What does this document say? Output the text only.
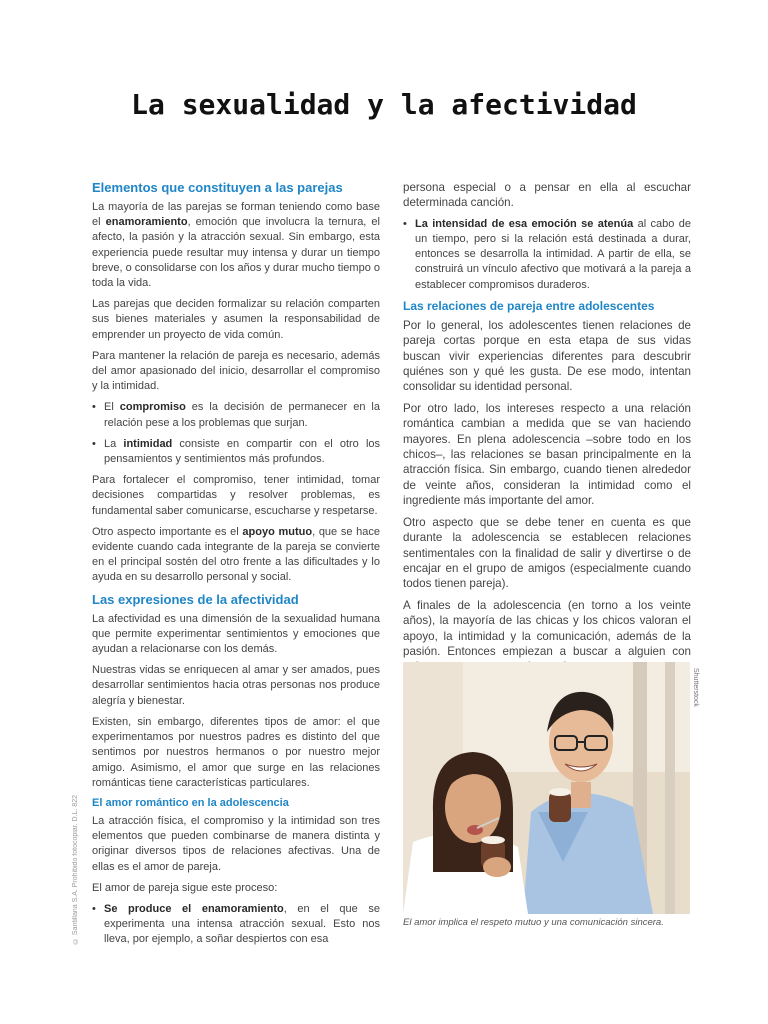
La sexualidad y la afectividad
Elementos que constituyen a las parejas

La mayoría de las parejas se forman teniendo como base el enamoramiento, emoción que involucra la ternura, el afecto, la pasión y la atracción sexual. Sin embargo, esta experiencia puede resultar muy intensa y durar un tiempo breve, o consolidarse con los años y durar mucho tiempo o toda la vida.

Las parejas que deciden formalizar su relación comparten sus bienes materiales y asumen la responsabilidad de emprender un proyecto de vida común.

Para mantener la relación de pareja es necesario, además del amor apasionado del inicio, desarrollar el compromiso y la intimidad.

• El compromiso es la decisión de permanecer en la relación pese a los problemas que surjan.

• La intimidad consiste en compartir con el otro los pensamientos y sentimientos más profundos.

Para fortalecer el compromiso, tener intimidad, tomar decisiones compartidas y resolver problemas, es fundamental saber comunicarse, escucharse y respetarse.

Otro aspecto importante es el apoyo mutuo, que se hace evidente cuando cada integrante de la pareja se convierte en el principal sostén del otro frente a las dificultades y lo ayuda en su desarrollo personal y social.

Las expresiones de la afectividad

La afectividad es una dimensión de la sexualidad humana que permite experimentar sentimientos y emociones que ayudan a relacionarse con los demás.

Nuestras vidas se enriquecen al amar y ser amados, pues desarrollar sentimientos hacia otras personas nos produce alegría y bienestar.

Existen, sin embargo, diferentes tipos de amor: el que experimentamos por nuestros padres es distinto del que sentimos por nuestros hermanos o por nuestro mejor amigo. Asimismo, el amor que surge en las relaciones románticas tiene características particulares.

El amor romántico en la adolescencia

La atracción física, el compromiso y la intimidad son tres elementos que pueden combinarse de manera distinta y originar diversos tipos de relaciones afectivas. Una de ellas es el amor de pareja.

El amor de pareja sigue este proceso:

• Se produce el enamoramiento, en el que se experimenta una intensa atracción sexual. Esto nos lleva, por ejemplo, a soñar despiertos con esa

persona especial o a pensar en ella al escuchar determinada canción.

• La intensidad de esa emoción se atenúa al cabo de un tiempo, pero si la relación está destinada a durar, entonces se desarrolla la intimidad. A partir de ella, se construirá un vínculo afectivo que motivará a la pareja a establecer compromisos duraderos.

Las relaciones de pareja entre adolescentes

Por lo general, los adolescentes tienen relaciones de pareja cortas porque en esta etapa de sus vidas buscan vivir experiencias diferentes para descubrir quiénes son y qué les gusta. De ese modo, intentan consolidar su identidad personal.

Por otro lado, los intereses respecto a una relación romántica cambian a medida que se van haciendo mayores. En plena adolescencia –sobre todo en los chicos–, las relaciones se basan principalmente en la atracción física. Sin embargo, cuando tienen alrededor de veinte años, consideran la intimidad como el ingrediente más importante del amor.

Otro aspecto que se debe tener en cuenta es que durante la adolescencia se establecen relaciones sentimentales con la finalidad de salir y divertirse o de encajar en el grupo de amigos (especialmente cuando todos tienen pareja).

A finales de la adolescencia (en torno a los veinte años), la mayoría de las chicas y los chicos valoran el apoyo, la intimidad y la comunicación, además de la pasión. Entonces empiezan a buscar a alguien con

El amor implica el respeto mutuo y una comunicación sincera.

Shutterstock
© Santillana S.A. Prohibido fotocopiar. D.L. 822
